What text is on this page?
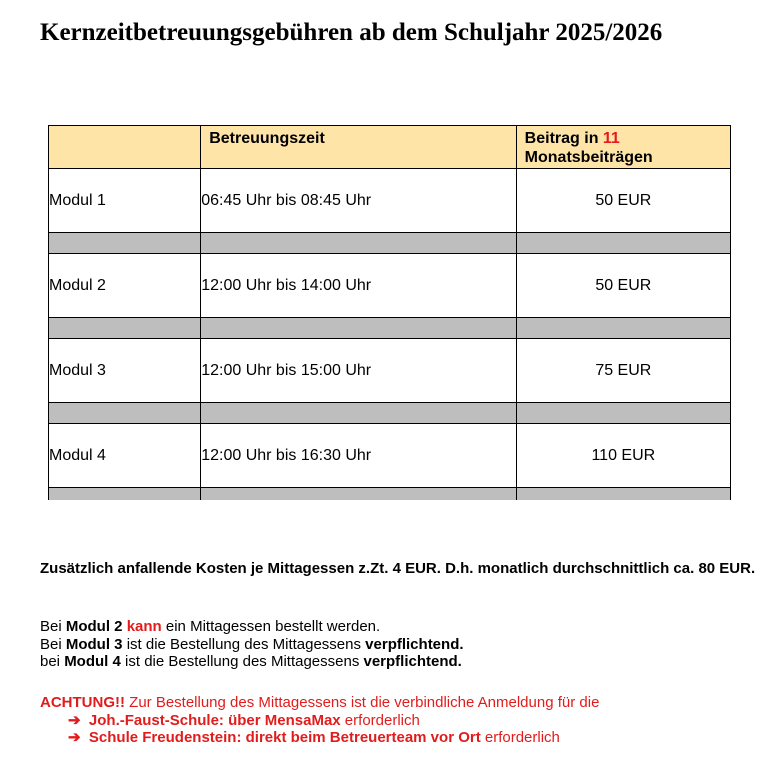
Kernzeitbetreuungsgebühren ab dem Schuljahr 2025/2026

	Betreuungszeit	Beitrag in 11
Monatsbeiträgen

Modul 1	06:45 Uhr bis 08:45 Uhr	50 EUR

Modul 2	12:00 Uhr bis 14:00 Uhr	50 EUR

Modul 3	12:00 Uhr bis 15:00 Uhr	75 EUR

Modul 4	12:00 Uhr bis 16:30 Uhr	110 EUR

Zusätzlich anfallende Kosten je Mittagessen z.Zt. 4 EUR. D.h. monatlich durchschnittlich ca. 80 EUR.

Bei Modul 2 kann ein Mittagessen bestellt werden.
Bei Modul 3 ist die Bestellung des Mittagessens verpflichtend.
bei Modul 4 ist die Bestellung des Mittagessens verpflichtend.
ACHTUNG!! Zur Bestellung des Mittagessens ist die verbindliche Anmeldung für die
➔ Joh.-Faust-Schule: über MensaMax erforderlich
➔ Schule Freudenstein: direkt beim Betreuerteam vor Ort erforderlich
